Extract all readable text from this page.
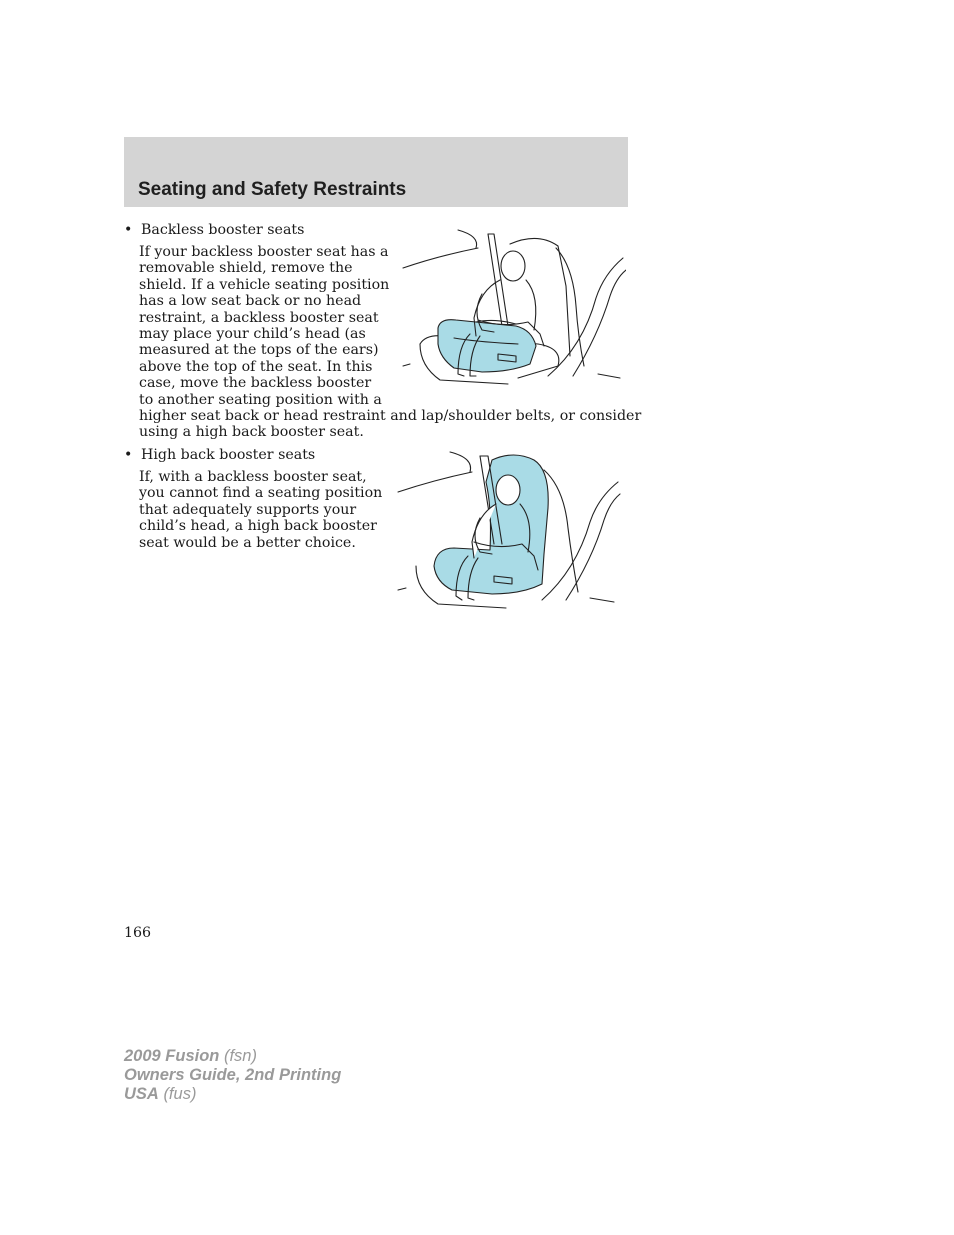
Seating and Safety Restraints
• Backless booster seats

If your backless booster seat has a

removable shield, remove the

shield. If a vehicle seating position

has a low seat back or no head

restraint, a backless booster seat

may place your child’s head (as

measured at the tops of the ears)

above the top of the seat. In this

case, move the backless booster

to another seating position with a

higher seat back or head restraint and lap/shoulder belts, or consider

using a high back booster seat.

• High back booster seats

If, with a backless booster seat,

you cannot find a seating position

that adequately supports your

child’s head, a high back booster

seat would be a better choice.

166
2009 Fusion (fsn)
Owners Guide, 2nd Printing
USA (fus)
